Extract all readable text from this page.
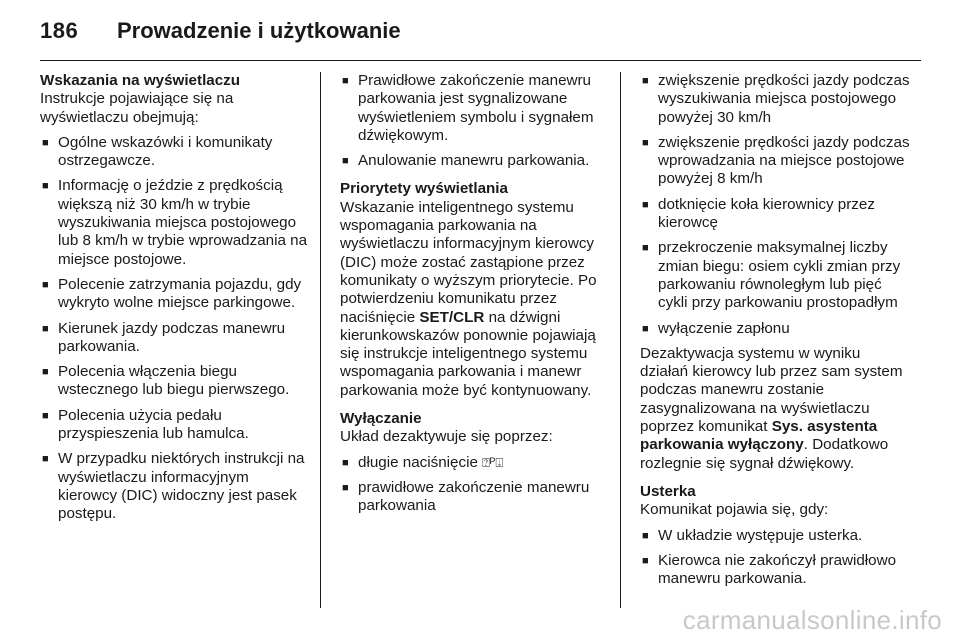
186 Prowadzenie i użytkowanie
Wskazania na wyświetlaczu
Instrukcje pojawiające się na wyświetlaczu obejmują:
■ Ogólne wskazówki i komunikaty ostrzegawcze.
■ Informację o jeździe z prędkością większą niż 30 km/h w trybie wyszukiwania miejsca postojowego lub 8 km/h w trybie wprowadzania na miejsce postojowe.
■ Polecenie zatrzymania pojazdu, gdy wykryto wolne miejsce parkingowe.
■ Kierunek jazdy podczas manewru parkowania.
■ Polecenia włączenia biegu wstecznego lub biegu pierwszego.
■ Polecenia użycia pedału przyspieszenia lub hamulca.
■ W przypadku niektórych instrukcji na wyświetlaczu informacyjnym kierowcy (DIC) widoczny jest pasek postępu.
■ Prawidłowe zakończenie manewru parkowania jest sygnalizowane wyświetleniem symbolu i sygnałem dźwiękowym.
■ Anulowanie manewru parkowania.
Priorytety wyświetlania
Wskazanie inteligentnego systemu wspomagania parkowania na wyświetlaczu informacyjnym kierowcy (DIC) może zostać zastąpione przez komunikaty o wyższym priorytecie. Po potwierdzeniu komunikatu przez naciśnięcie SET/CLR na dźwigni kierunkowskazów ponownie pojawiają się instrukcje inteligentnego systemu wspomagania parkowania i manewr parkowania może być kontynuowany.
Wyłączanie
Układ dezaktywuje się poprzez:
■ długie naciśnięcie ⍰ᴾ⍗
■ prawidłowe zakończenie manewru parkowania
■ zwiększenie prędkości jazdy podczas wyszukiwania miejsca postojowego powyżej 30 km/h
■ zwiększenie prędkości jazdy podczas wprowadzania na miejsce postojowe powyżej 8 km/h
■ dotknięcie koła kierownicy przez kierowcę
■ przekroczenie maksymalnej liczby zmian biegu: osiem cykli zmian przy parkowaniu równoległym lub pięć cykli przy parkowaniu prostopadłym
■ wyłączenie zapłonu
Dezaktywacja systemu w wyniku działań kierowcy lub przez sam system podczas manewru zostanie zasygnalizowana na wyświetlaczu poprzez komunikat Sys. asystenta parkowania wyłączony. Dodatkowo rozlegnie się sygnał dźwiękowy.
Usterka
Komunikat pojawia się, gdy:
■ W układzie występuje usterka.
■ Kierowca nie zakończył prawidłowo manewru parkowania.
carmanualsonline.info
